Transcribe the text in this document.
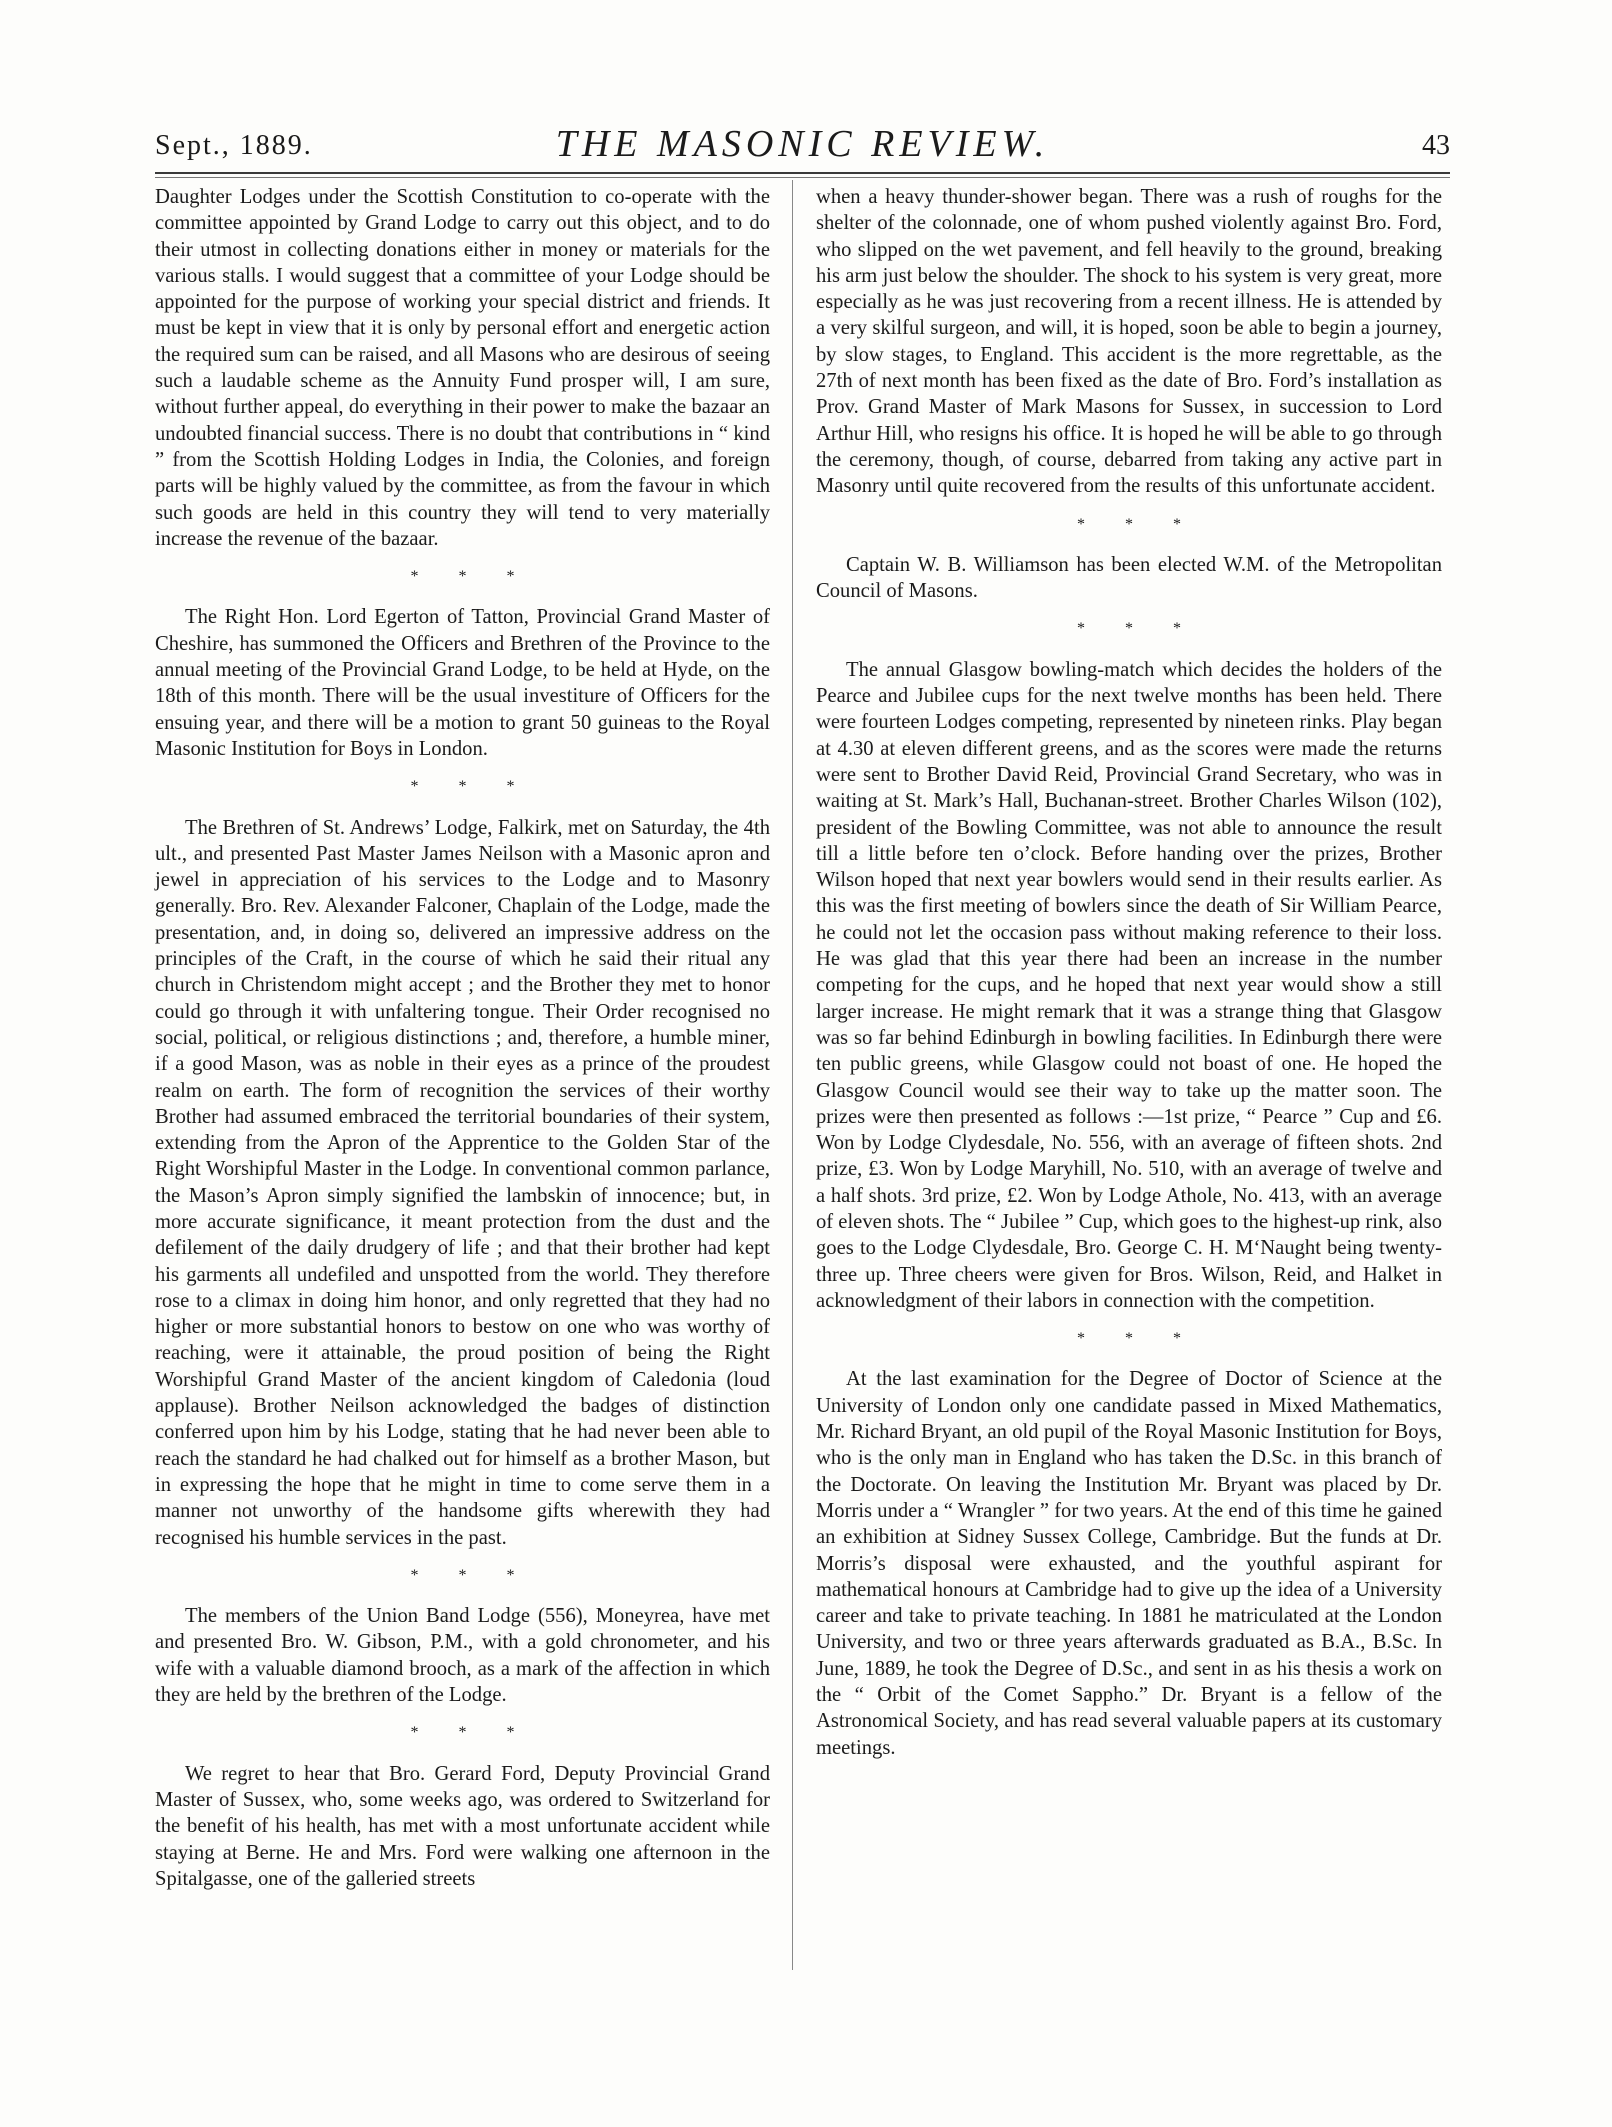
Sept., 1889.	THE MASONIC REVIEW.	43

Daughter Lodges under the Scottish Constitution to co-operate with the committee appointed by Grand Lodge to carry out this object, and to do their utmost in collecting donations either in money or materials for the various stalls. I would suggest that a committee of your Lodge should be appointed for the purpose of working your special district and friends. It must be kept in view that it is only by personal effort and energetic action the required sum can be raised, and all Masons who are desirous of seeing such a laudable scheme as the Annuity Fund prosper will, I am sure, without further appeal, do everything in their power to make the bazaar an undoubted financial success. There is no doubt that contributions in “ kind ” from the Scottish Holding Lodges in India, the Colonies, and foreign parts will be highly valued by the committee, as from the favour in which such goods are held in this country they will tend to very materially increase the revenue of the bazaar.

* * *

The Right Hon. Lord Egerton of Tatton, Provincial Grand Master of Cheshire, has summoned the Officers and Brethren of the Province to the annual meeting of the Provincial Grand Lodge, to be held at Hyde, on the 18th of this month. There will be the usual investiture of Officers for the ensuing year, and there will be a motion to grant 50 guineas to the Royal Masonic Institution for Boys in London.

* * *

The Brethren of St. Andrews’ Lodge, Falkirk, met on Saturday, the 4th ult., and presented Past Master James Neilson with a Masonic apron and jewel in appreciation of his services to the Lodge and to Masonry generally. Bro. Rev. Alexander Falconer, Chaplain of the Lodge, made the presentation, and, in doing so, delivered an impressive address on the principles of the Craft, in the course of which he said their ritual any church in Christendom might accept ; and the Brother they met to honor could go through it with unfaltering tongue. Their Order recognised no social, political, or religious distinctions ; and, therefore, a humble miner, if a good Mason, was as noble in their eyes as a prince of the proudest realm on earth. The form of recognition the services of their worthy Brother had assumed embraced the territorial boundaries of their system, extending from the Apron of the Apprentice to the Golden Star of the Right Worshipful Master in the Lodge. In conventional common parlance, the Mason’s Apron simply signified the lambskin of innocence; but, in more accurate significance, it meant protection from the dust and the defilement of the daily drudgery of life ; and that their brother had kept his garments all undefiled and unspotted from the world. They therefore rose to a climax in doing him honor, and only regretted that they had no higher or more substantial honors to bestow on one who was worthy of reaching, were it attainable, the proud position of being the Right Worshipful Grand Master of the ancient kingdom of Caledonia (loud applause). Brother Neilson acknowledged the badges of distinction conferred upon him by his Lodge, stating that he had never been able to reach the standard he had chalked out for himself as a brother Mason, but in expressing the hope that he might in time to come serve them in a manner not unworthy of the handsome gifts wherewith they had recognised his humble services in the past.

* * *

The members of the Union Band Lodge (556), Moneyrea, have met and presented Bro. W. Gibson, P.M., with a gold chronometer, and his wife with a valuable diamond brooch, as a mark of the affection in which they are held by the brethren of the Lodge.

* * *

We regret to hear that Bro. Gerard Ford, Deputy Provincial Grand Master of Sussex, who, some weeks ago, was ordered to Switzerland for the benefit of his health, has met with a most unfortunate accident while staying at Berne. He and Mrs. Ford were walking one afternoon in the Spitalgasse, one of the galleried streets

when a heavy thunder-shower began. There was a rush of roughs for the shelter of the colonnade, one of whom pushed violently against Bro. Ford, who slipped on the wet pavement, and fell heavily to the ground, breaking his arm just below the shoulder. The shock to his system is very great, more especially as he was just recovering from a recent illness. He is attended by a very skilful surgeon, and will, it is hoped, soon be able to begin a journey, by slow stages, to England. This accident is the more regrettable, as the 27th of next month has been fixed as the date of Bro. Ford’s installation as Prov. Grand Master of Mark Masons for Sussex, in succession to Lord Arthur Hill, who resigns his office. It is hoped he will be able to go through the ceremony, though, of course, debarred from taking any active part in Masonry until quite recovered from the results of this unfortunate accident.

* * *

Captain W. B. Williamson has been elected W.M. of the Metropolitan Council of Masons.

* * *

The annual Glasgow bowling-match which decides the holders of the Pearce and Jubilee cups for the next twelve months has been held. There were fourteen Lodges competing, represented by nineteen rinks. Play began at 4.30 at eleven different greens, and as the scores were made the returns were sent to Brother David Reid, Provincial Grand Secretary, who was in waiting at St. Mark’s Hall, Buchanan-street. Brother Charles Wilson (102), president of the Bowling Committee, was not able to announce the result till a little before ten o’clock. Before handing over the prizes, Brother Wilson hoped that next year bowlers would send in their results earlier. As this was the first meeting of bowlers since the death of Sir William Pearce, he could not let the occasion pass without making reference to their loss. He was glad that this year there had been an increase in the number competing for the cups, and he hoped that next year would show a still larger increase. He might remark that it was a strange thing that Glasgow was so far behind Edinburgh in bowling facilities. In Edinburgh there were ten public greens, while Glasgow could not boast of one. He hoped the Glasgow Council would see their way to take up the matter soon. The prizes were then presented as follows :—1st prize, “ Pearce ” Cup and £6. Won by Lodge Clydesdale, No. 556, with an average of fifteen shots. 2nd prize, £3. Won by Lodge Maryhill, No. 510, with an average of twelve and a half shots. 3rd prize, £2. Won by Lodge Athole, No. 413, with an average of eleven shots. The “ Jubilee ” Cup, which goes to the highest-up rink, also goes to the Lodge Clydesdale, Bro. George C. H. M‘Naught being twenty-three up. Three cheers were given for Bros. Wilson, Reid, and Halket in acknowledgment of their labors in connection with the competition.

* * *

At the last examination for the Degree of Doctor of Science at the University of London only one candidate passed in Mixed Mathematics, Mr. Richard Bryant, an old pupil of the Royal Masonic Institution for Boys, who is the only man in England who has taken the D.Sc. in this branch of the Doctorate. On leaving the Institution Mr. Bryant was placed by Dr. Morris under a “ Wrangler ” for two years. At the end of this time he gained an exhibition at Sidney Sussex College, Cambridge. But the funds at Dr. Morris’s disposal were exhausted, and the youthful aspirant for mathematical honours at Cambridge had to give up the idea of a University career and take to private teaching. In 1881 he matriculated at the London University, and two or three years afterwards graduated as B.A., B.Sc. In June, 1889, he took the Degree of D.Sc., and sent in as his thesis a work on the “ Orbit of the Comet Sappho.” Dr. Bryant is a fellow of the Astronomical Society, and has read several valuable papers at its customary meetings.
